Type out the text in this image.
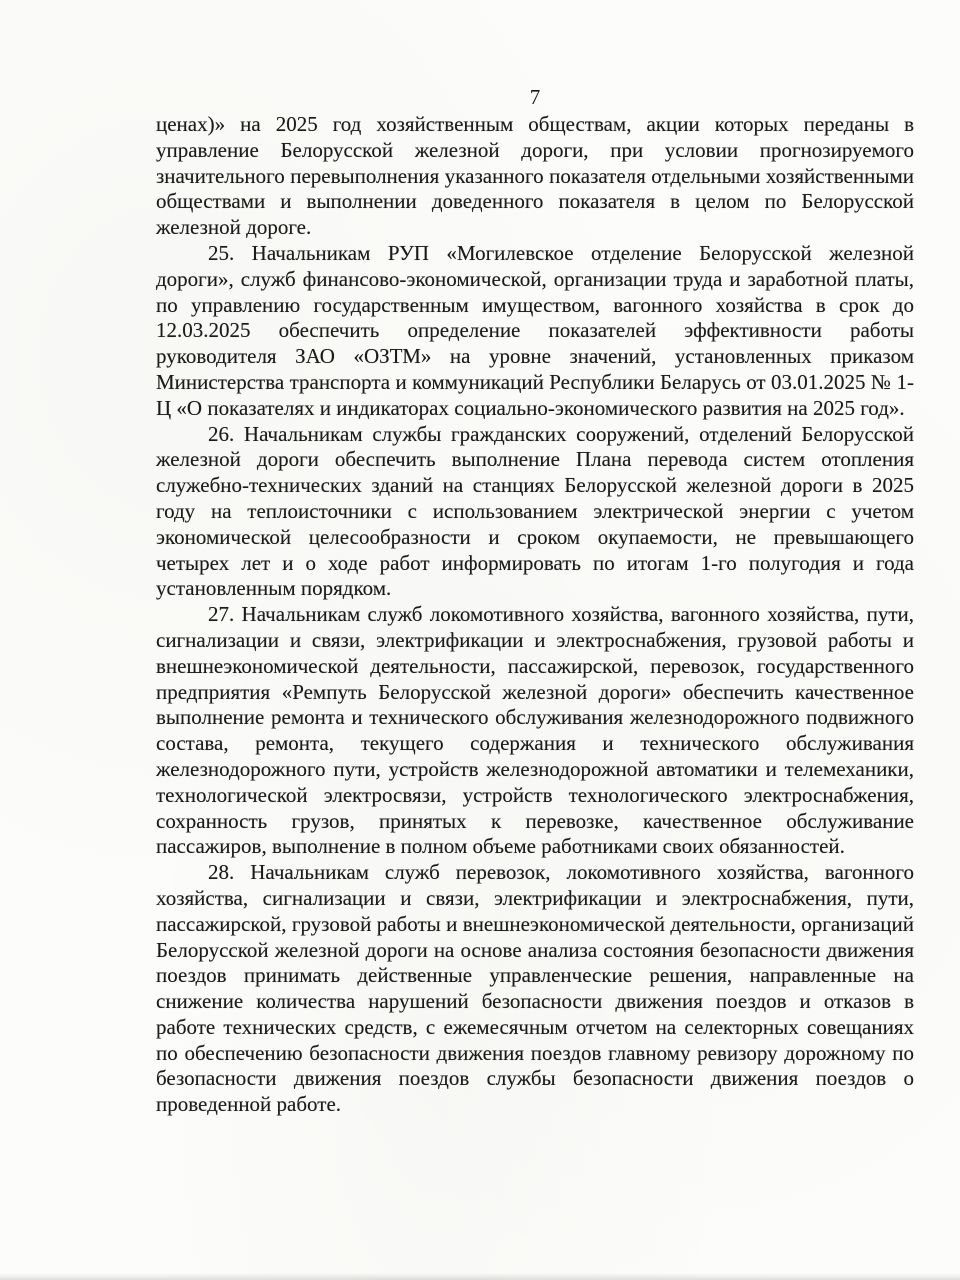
7

ценах)» на 2025 год хозяйственным обществам, акции которых переданы в управление Белорусской железной дороги, при условии прогнозируемого значительного перевыполнения указанного показателя отдельными хозяйственными обществами и выполнении доведенного показателя в целом по Белорусской железной дороге.

25. Начальникам РУП «Могилевское отделение Белорусской железной дороги», служб финансово-экономической, организации труда и заработной платы, по управлению государственным имуществом, вагонного хозяйства в срок до 12.03.2025 обеспечить определение показателей эффективности работы руководителя ЗАО «ОЗТМ» на уровне значений, установленных приказом Министерства транспорта и коммуникаций Республики Беларусь от 03.01.2025 № 1-Ц «О показателях и индикаторах социально-экономического развития на 2025 год».

26. Начальникам службы гражданских сооружений, отделений Белорусской железной дороги обеспечить выполнение Плана перевода систем отопления служебно-технических зданий на станциях Белорусской железной дороги в 2025 году на теплоисточники с использованием электрической энергии с учетом экономической целесообразности и сроком окупаемости, не превышающего четырех лет и о ходе работ информировать по итогам 1-го полугодия и года установленным порядком.

27. Начальникам служб локомотивного хозяйства, вагонного хозяйства, пути, сигнализации и связи, электрификации и электроснабжения, грузовой работы и внешнеэкономической деятельности, пассажирской, перевозок, государственного предприятия «Ремпуть Белорусской железной дороги» обеспечить качественное выполнение ремонта и технического обслуживания железнодорожного подвижного состава, ремонта, текущего содержания и технического обслуживания железнодорожного пути, устройств железнодорожной автоматики и телемеханики, технологической электросвязи, устройств технологического электроснабжения, сохранность грузов, принятых к перевозке, качественное обслуживание пассажиров, выполнение в полном объеме работниками своих обязанностей.

28. Начальникам служб перевозок, локомотивного хозяйства, вагонного хозяйства, сигнализации и связи, электрификации и электроснабжения, пути, пассажирской, грузовой работы и внешнеэкономической деятельности, организаций Белорусской железной дороги на основе анализа состояния безопасности движения поездов принимать действенные управленческие решения, направленные на снижение количества нарушений безопасности движения поездов и отказов в работе технических средств, с ежемесячным отчетом на селекторных совещаниях по обеспечению безопасности движения поездов главному ревизору дорожному по безопасности движения поездов службы безопасности движения поездов о проведенной работе.
